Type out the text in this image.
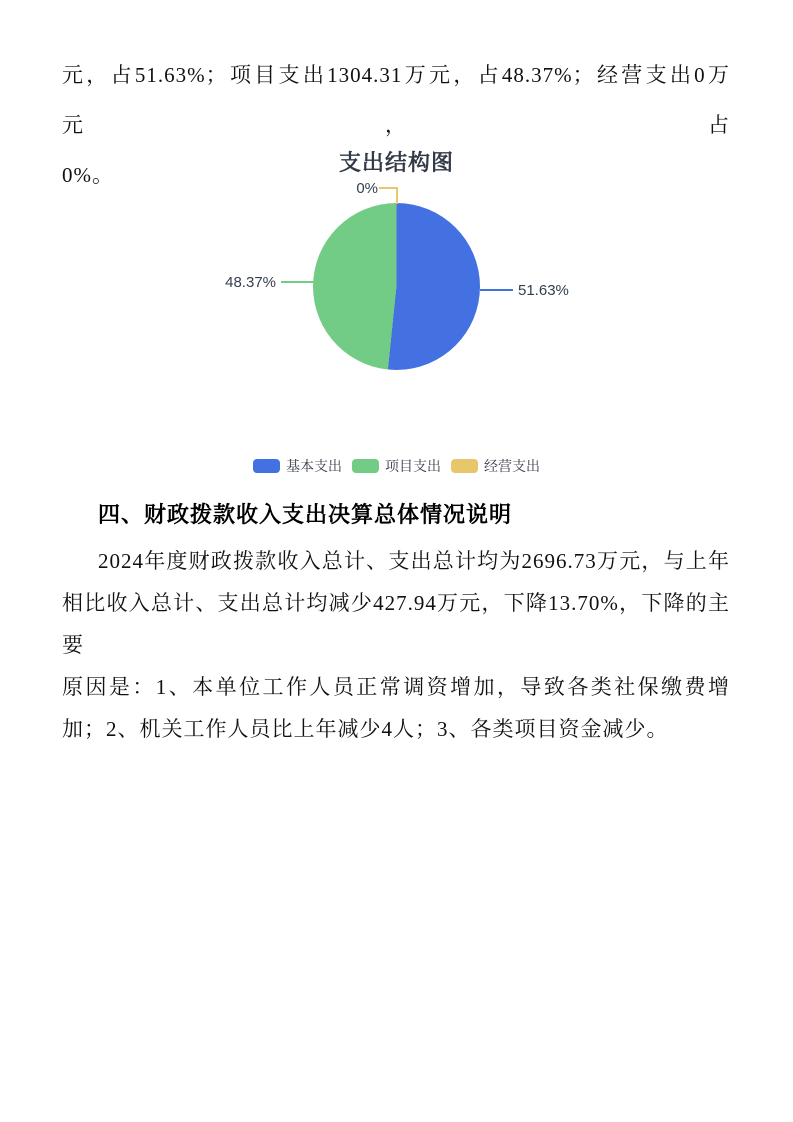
元，占51.63%；项目支出1304.31万元，占48.37%；经营支出0万元，占
0%。	支出结构图
0%
48.37%	51.63%
基本支出	项目支出	经营支出
四、财政拨款收入支出决算总体情况说明
2024年度财政拨款收入总计、支出总计均为2696.73万元，与上年
相比收入总计、支出总计均减少427.94万元，下降13.70%，下降的主要
原因是：1、本单位工作人员正常调资增加，导致各类社保缴费增
加；2、机关工作人员比上年减少4人；3、各类项目资金减少。
